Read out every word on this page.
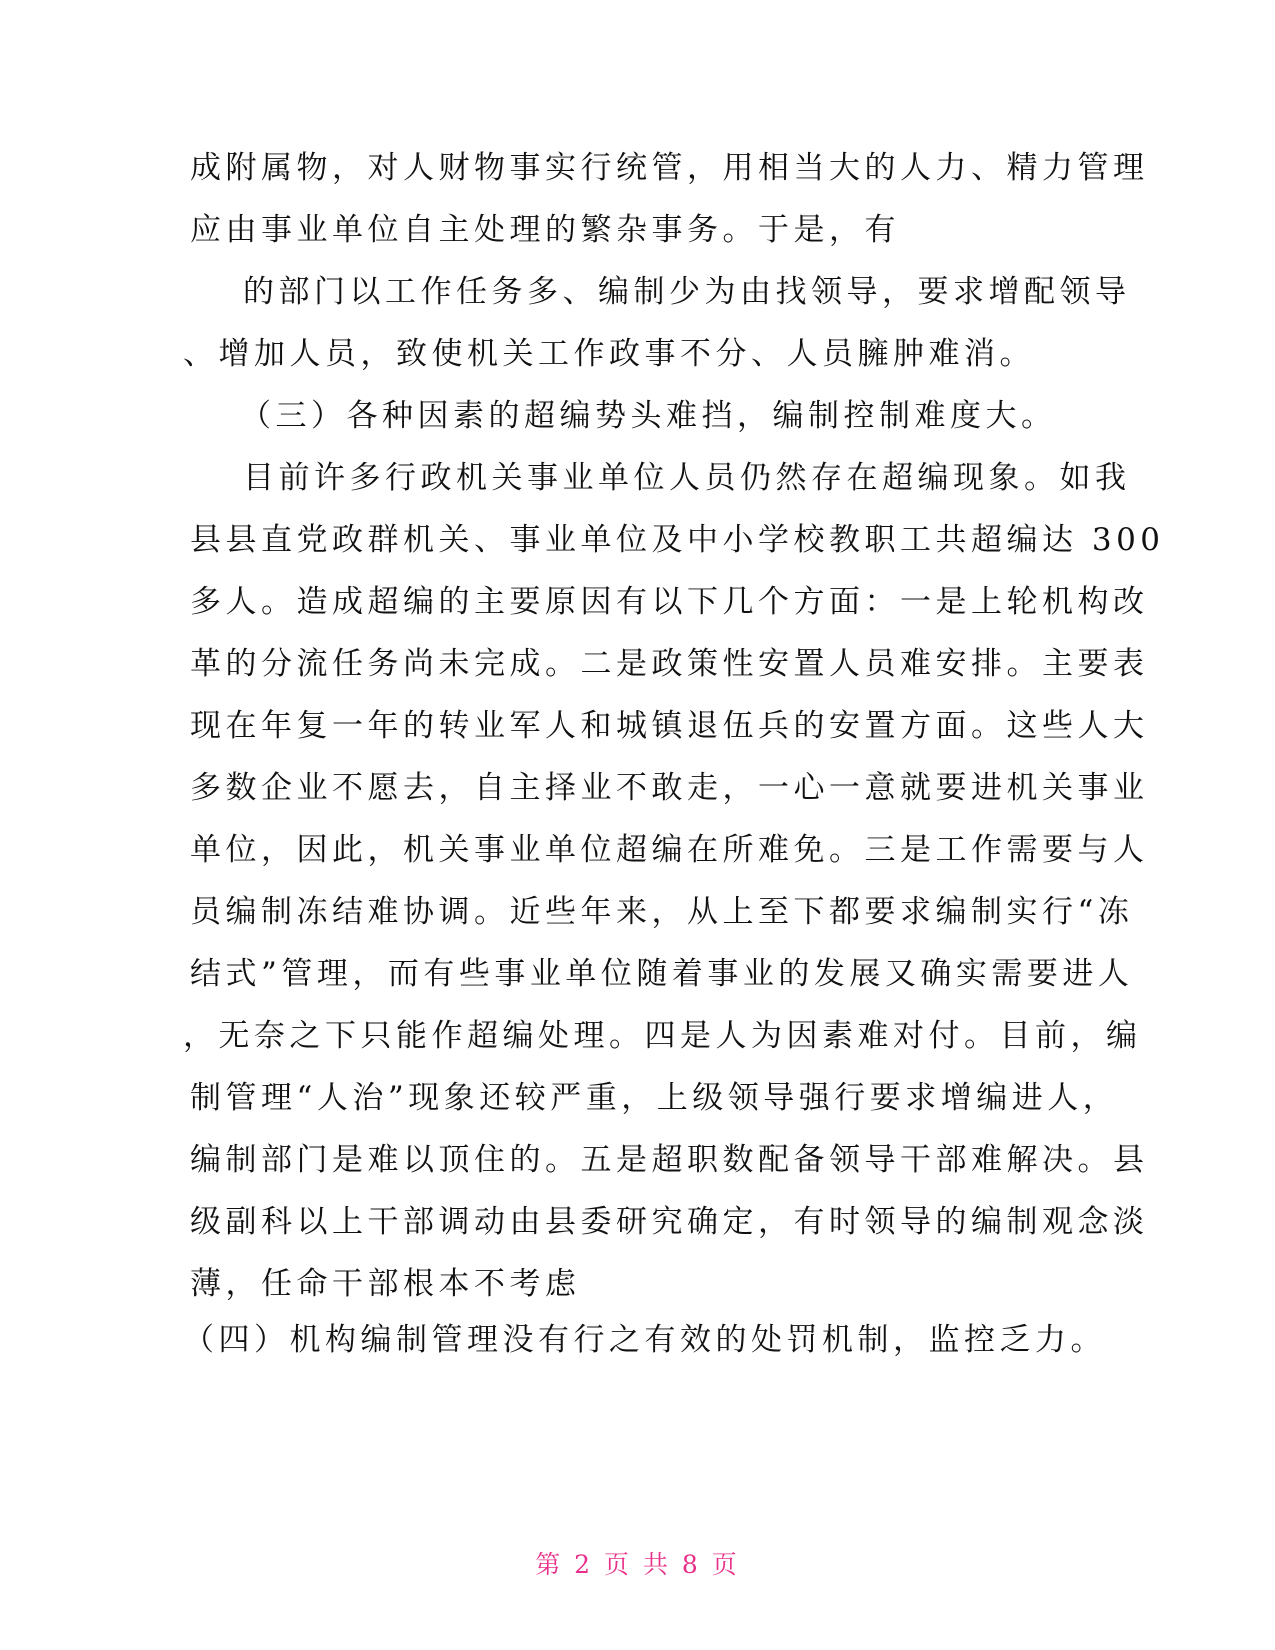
成附属物，对人财物事实行统管，用相当大的人力、精力管理
应由事业单位自主处理的繁杂事务。于是，有
的部门以工作任务多、编制少为由找领导，要求增配领导
、增加人员，致使机关工作政事不分、人员臃肿难消。
（三）各种因素的超编势头难挡，编制控制难度大。
目前许多行政机关事业单位人员仍然存在超编现象。如我
县县直党政群机关、事业单位及中小学校教职工共超编达 300
多人。造成超编的主要原因有以下几个方面：一是上轮机构改
革的分流任务尚未完成。二是政策性安置人员难安排。主要表
现在年复一年的转业军人和城镇退伍兵的安置方面。这些人大
多数企业不愿去，自主择业不敢走，一心一意就要进机关事业
单位，因此，机关事业单位超编在所难免。三是工作需要与人
员编制冻结难协调。近些年来，从上至下都要求编制实行“冻
结式”管理，而有些事业单位随着事业的发展又确实需要进人
，无奈之下只能作超编处理。四是人为因素难对付。目前，编
制管理“人治”现象还较严重，上级领导强行要求增编进人，
编制部门是难以顶住的。五是超职数配备领导干部难解决。县
级副科以上干部调动由县委研究确定，有时领导的编制观念淡
薄，任命干部根本不考虑
（四）机构编制管理没有行之有效的处罚机制，监控乏力。
第 2 页 共 8 页
